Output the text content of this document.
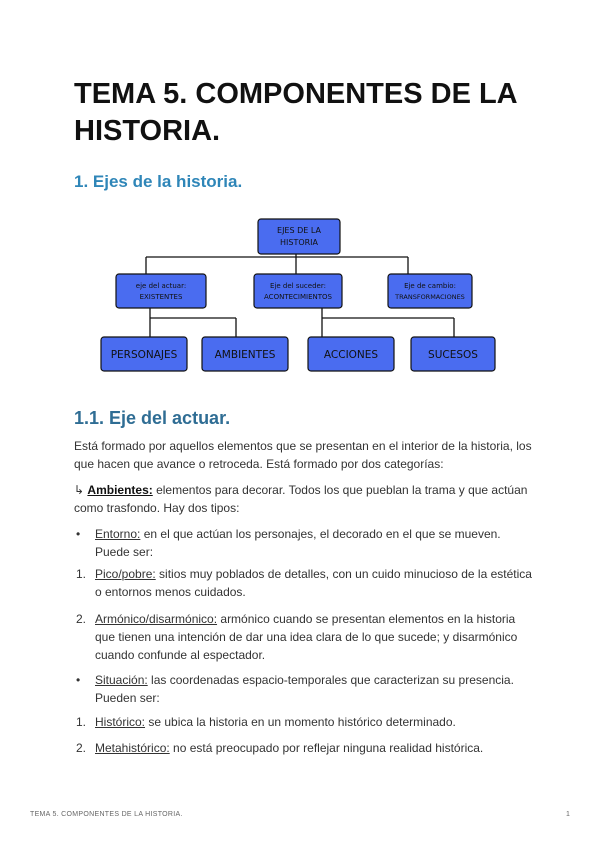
TEMA 5. COMPONENTES DE LA HISTORIA.
1. Ejes de la historia.
EJES DE LA
HISTORIA
eje del actuar:
EXISTENTES
Eje del suceder:
ACONTECIMIENTOS
Eje de cambio:
TRANSFORMACIONES
PERSONAJES	AMBIENTES	ACCIONES	SUCESOS
1.1. Eje del actuar.

Está formado por aquellos elementos que se presentan en el interior de la historia, los que hacen que avance o retroceda. Está formado por dos categorías:

↳ Ambientes: elementos para decorar. Todos los que pueblan la trama y que actúan como trasfondo. Hay dos tipos:

•	Entorno: en el que actúan los personajes, el decorado en el que se mueven. Puede ser:
1. Pico/pobre: sitios muy poblados de detalles, con un cuido minucioso de la estética o entornos menos cuidados.
2. Armónico/disarmónico: armónico cuando se presentan elementos en la historia que tienen una intención de dar una idea clara de lo que sucede; y disarmónico cuando confunde al espectador.
•	Situación: las coordenadas espacio-temporales que caracterizan su presencia. Pueden ser:
1. Histórico: se ubica la historia en un momento histórico determinado.
2. Metahistórico: no está preocupado por reflejar ninguna realidad histórica.

TEMA 5. COMPONENTES DE LA HISTORIA.	1
